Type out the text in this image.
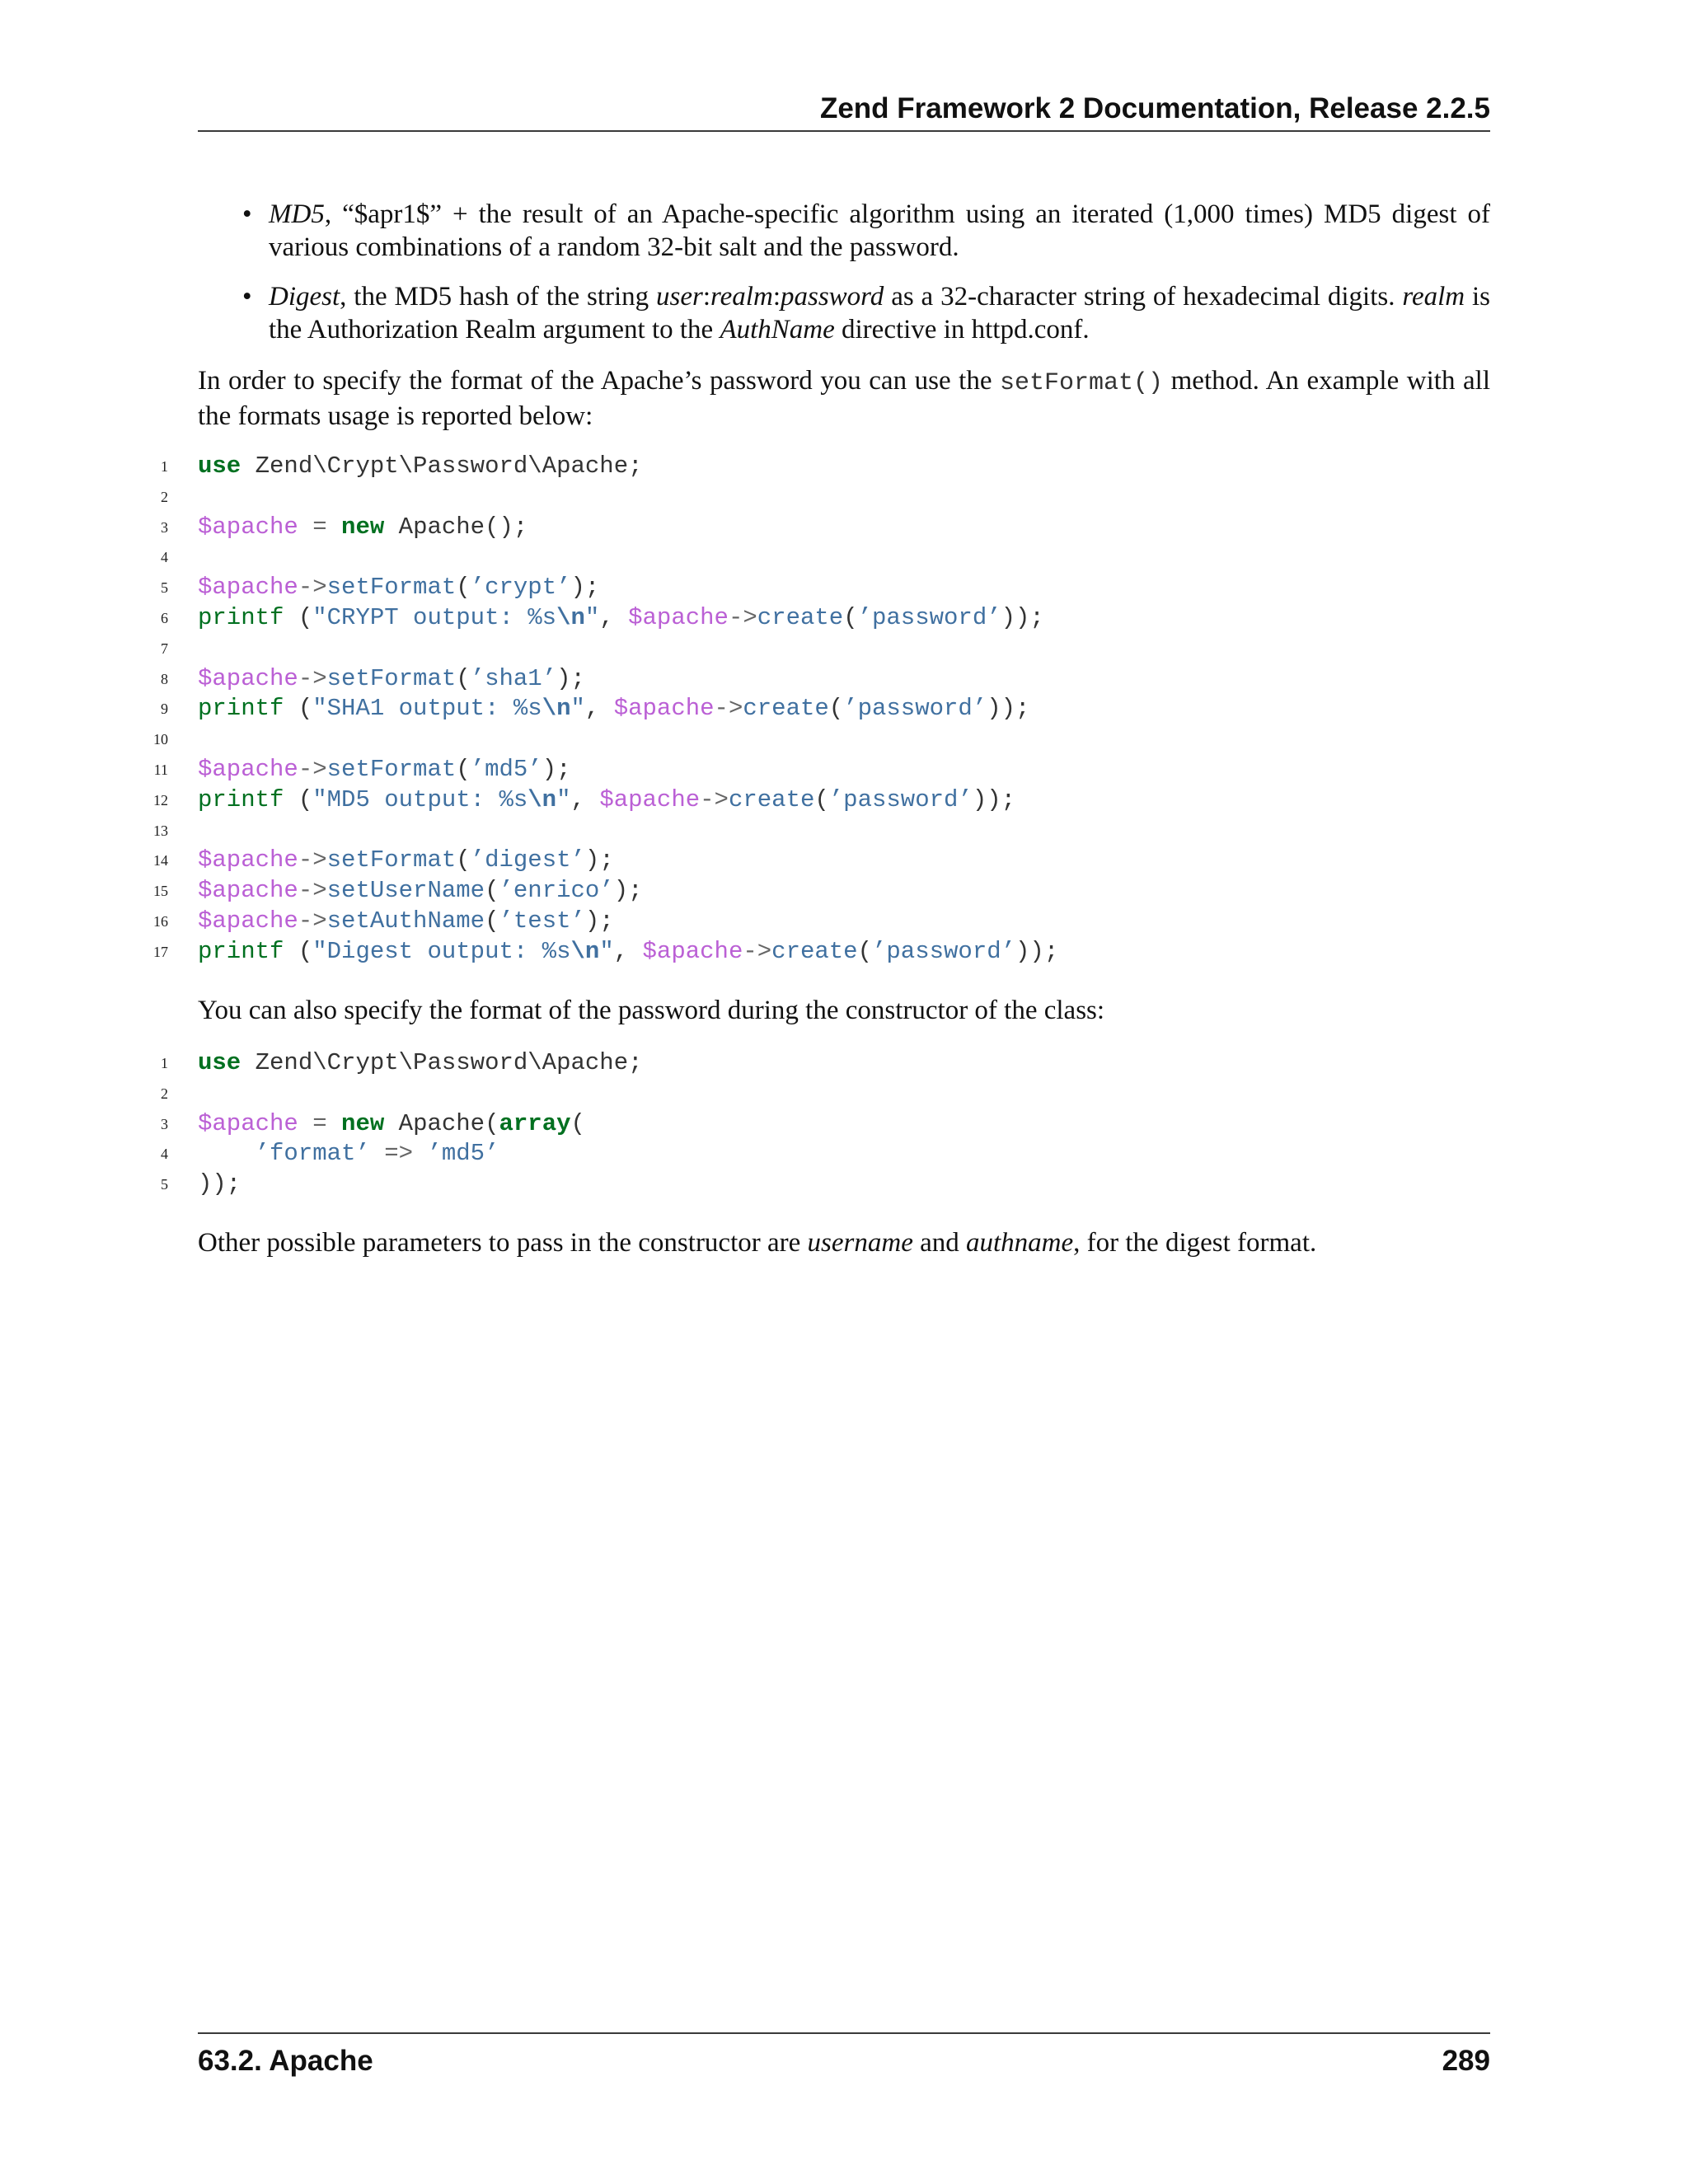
Zend Framework 2 Documentation, Release 2.2.5
• MD5, “$apr1$” + the result of an Apache-specific algorithm using an iterated (1,000 times) MD5 digest of various combinations of a random 32-bit salt and the password.
• Digest, the MD5 hash of the string user:realm:password as a 32-character string of hexadecimal digits. realm is the Authorization Realm argument to the AuthName directive in httpd.conf.

In order to specify the format of the Apache’s password you can use the setFormat() method. An example with all the formats usage is reported below:

1 use Zend\Crypt\Password\Apache;
2
3 $apache = new Apache();
4
5 $apache->setFormat(’crypt’);
6 printf ("CRYPT output: %s\n", $apache->create(’password’));
7
8 $apache->setFormat(’sha1’);
9 printf ("SHA1 output: %s\n", $apache->create(’password’));
10
11 $apache->setFormat(’md5’);
12 printf ("MD5 output: %s\n", $apache->create(’password’));
13
14 $apache->setFormat(’digest’);
15 $apache->setUserName(’enrico’);
16 $apache->setAuthName(’test’);
17 printf ("Digest output: %s\n", $apache->create(’password’));

You can also specify the format of the password during the constructor of the class:

1 use Zend\Crypt\Password\Apache;
2
3 $apache = new Apache(array(
4 ’format’ => ’md5’
5 ));

Other possible parameters to pass in the constructor are username and authname, for the digest format.

63.2. Apache	289
